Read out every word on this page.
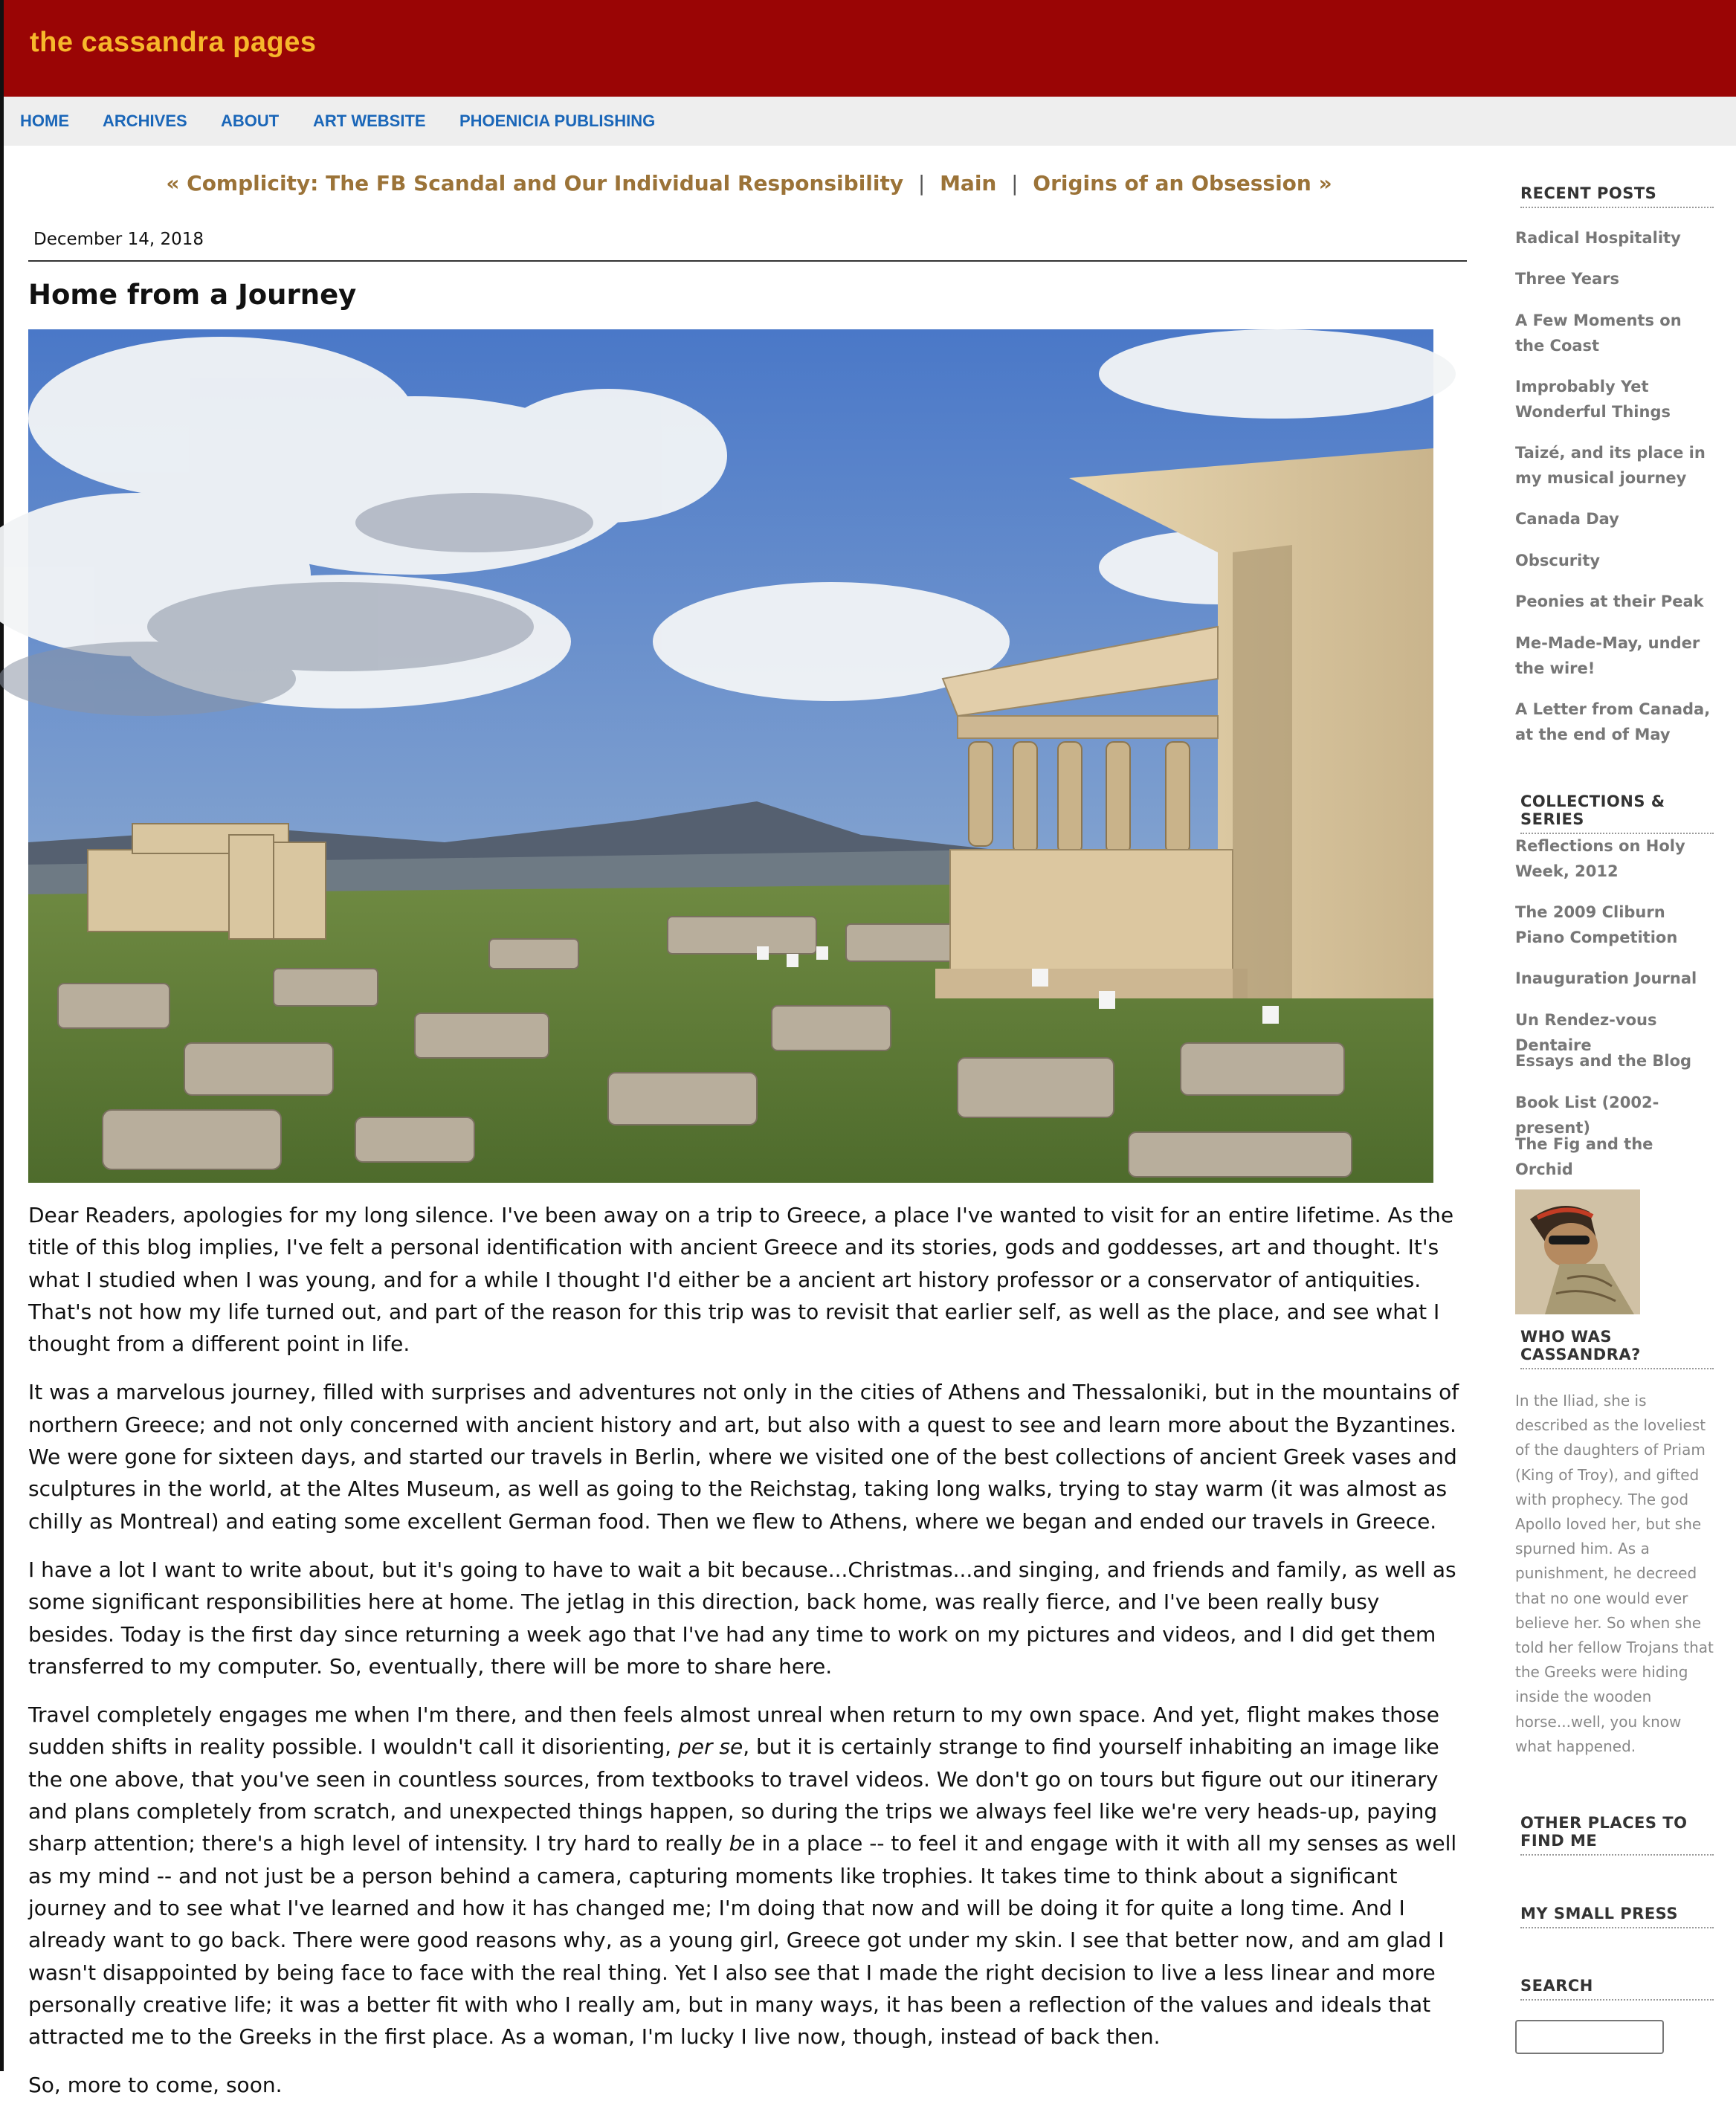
the cassandra pages
HOME ARCHIVES ABOUT ART WEBSITE PHOENICIA PUBLISHING
« Complicity: The FB Scandal and Our Individual Responsibility | Main | Origins of an Obsession »
December 14, 2018
Home from a Journey

Dear Readers, apologies for my long silence. I've been away on a trip to Greece, a place I've wanted to visit for an entire lifetime. As the title of this blog implies, I've felt a personal identification with ancient Greece and its stories, gods and goddesses, art and thought. It's what I studied when I was young, and for a while I thought I'd either be a ancient art history professor or a conservator of antiquities. That's not how my life turned out, and part of the reason for this trip was to revisit that earlier self, as well as the place, and see what I thought from a different point in life.

It was a marvelous journey, filled with surprises and adventures not only in the cities of Athens and Thessaloniki, but in the mountains of northern Greece; and not only concerned with ancient history and art, but also with a quest to see and learn more about the Byzantines. We were gone for sixteen days, and started our travels in Berlin, where we visited one of the best collections of ancient Greek vases and sculptures in the world, at the Altes Museum, as well as going to the Reichstag, taking long walks, trying to stay warm (it was almost as chilly as Montreal) and eating some excellent German food. Then we flew to Athens, where we began and ended our travels in Greece.

I have a lot I want to write about, but it's going to have to wait a bit because...Christmas...and singing, and friends and family, as well as some significant responsibilities here at home. The jetlag in this direction, back home, was really fierce, and I've been really busy besides. Today is the first day since returning a week ago that I've had any time to work on my pictures and videos, and I did get them transferred to my computer. So, eventually, there will be more to share here.

Travel completely engages me when I'm there, and then feels almost unreal when return to my own space. And yet, flight makes those sudden shifts in reality possible. I wouldn't call it disorienting, per se, but it is certainly strange to find yourself inhabiting an image like the one above, that you've seen in countless sources, from textbooks to travel videos. We don't go on tours but figure out our itinerary and plans completely from scratch, and unexpected things happen, so during the trips we always feel like we're very heads-up, paying sharp attention; there's a high level of intensity. I try hard to really be in a place -- to feel it and engage with it with all my senses as well as my mind -- and not just be a person behind a camera, capturing moments like trophies. It takes time to think about a significant journey and to see what I've learned and how it has changed me; I'm doing that now and will be doing it for quite a long time. And I already want to go back. There were good reasons why, as a young girl, Greece got under my skin. I see that better now, and am glad I wasn't disappointed by being face to face with the real thing. Yet I also see that I made the right decision to live a less linear and more personally creative life; it was a better fit with who I really am, but in many ways, it has been a reflection of the values and ideals that attracted me to the Greeks in the first place. As a woman, I'm lucky I live now, though, instead of back then.

So, more to come, soon.

RECENT POSTS
Radical Hospitality
Three Years
A Few Moments on the Coast
Improbably Yet Wonderful Things
Taizé, and its place in my musical journey
Canada Day
Obscurity
Peonies at their Peak
Me-Made-May, under the wire!
A Letter from Canada, at the end of May
COLLECTIONS & SERIES
Reflections on Holy Week, 2012
The 2009 Cliburn Piano Competition
Inauguration Journal
Un Rendez-vous Dentaire
Essays and the Blog
Book List (2002-present)
The Fig and the Orchid
WHO WAS CASSANDRA?
In the Iliad, she is described as the loveliest of the daughters of Priam (King of Troy), and gifted with prophecy. The god Apollo loved her, but she spurned him. As a punishment, he decreed that no one would ever believe her. So when she told her fellow Trojans that the Greeks were hiding inside the wooden horse...well, you know what happened.
OTHER PLACES TO FIND ME
MY SMALL PRESS
SEARCH
